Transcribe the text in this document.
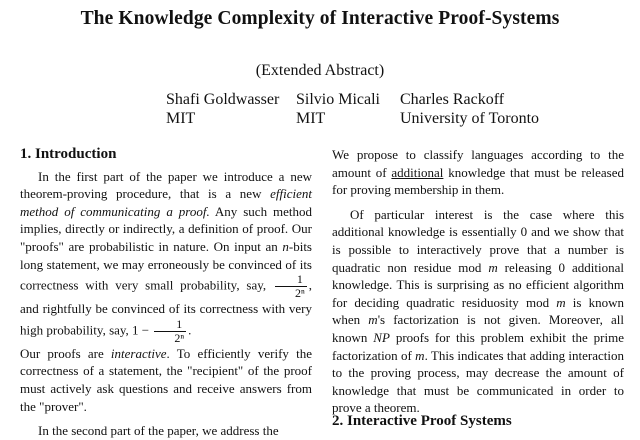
The Knowledge Complexity of Interactive Proof-Systems
(Extended Abstract)
Shafi Goldwasser
MIT
Silvio Micali
MIT
Charles Rackoff
University of Toronto
1. Introduction

In the first part of the paper we introduce a new theorem-proving procedure, that is a new efficient method of communicating a proof. Any such method implies, directly or indirectly, a definition of proof. Our "proofs" are probabilistic in nature. On input an n-bits long statement, we may erroneously be convinced of its correctness with very small probability, say, $\frac{1}{\text{2ⁿ}}$ , and rightfully be convinced of its correctness with very high probability, say, $1 - \frac{1}{\text{2ⁿ}}$ .

Our proofs are interactive. To efficiently verify the correctness of a statement, the "recipient" of the proof must actively ask questions and receive answers from the "prover".

In the second part of the paper, we address the

We propose to classify languages according to the amount of additional knowledge that must be released for proving membership in them.

Of particular interest is the case where this additional knowledge is essentially 0 and we show that is possible to interactively prove that a number is quadratic non residue mod m releasing 0 additional knowledge. This is surprising as no efficient algorithm for deciding quadratic residuosity mod m is known when m's factorization is not given. Moreover, all known NP proofs for this problem exhibit the prime factorization of m. This indicates that adding interaction to the proving process, may decrease the amount of knowledge that must be communicated in order to prove a theorem.

2. Interactive Proof Systems
